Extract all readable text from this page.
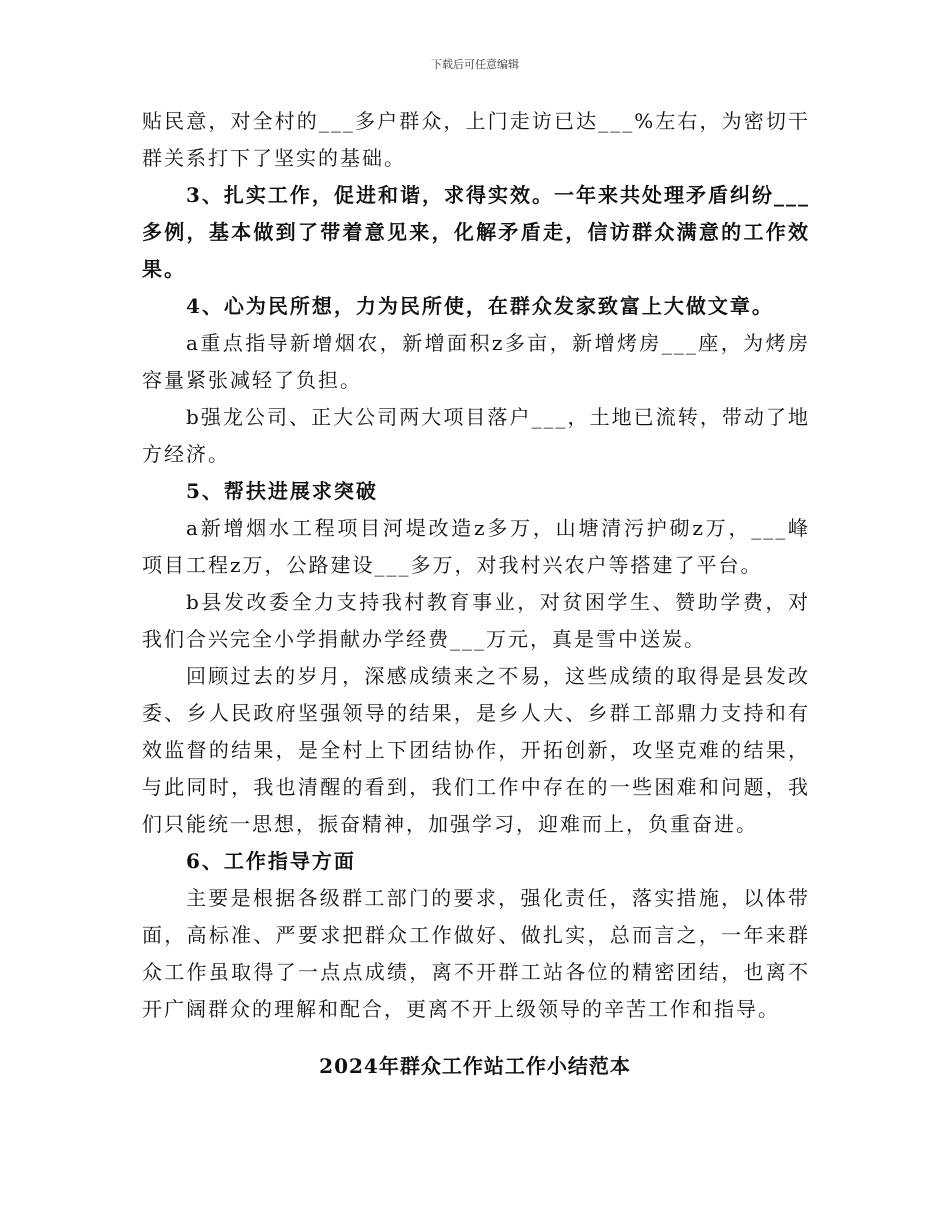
下载后可任意编辑

贴民意，对全村的___多户群众，上门走访已达___%左右，为密切干群关系打下了坚实的基础。

3、扎实工作，促进和谐，求得实效。一年来共处理矛盾纠纷___多例，基本做到了带着意见来，化解矛盾走，信访群众满意的工作效果。

4、心为民所想，力为民所使，在群众发家致富上大做文章。

a重点指导新增烟农，新增面积z多亩，新增烤房___座，为烤房容量紧张减轻了负担。

b强龙公司、正大公司两大项目落户___，土地已流转，带动了地方经济。

5、帮扶进展求突破

a新增烟水工程项目河堤改造z多万，山塘清污护砌z万，___峰项目工程z万，公路建设___多万，对我村兴农户等搭建了平台。

b县发改委全力支持我村教育事业，对贫困学生、赞助学费，对我们合兴完全小学捐献办学经费___万元，真是雪中送炭。

回顾过去的岁月，深感成绩来之不易，这些成绩的取得是县发改委、乡人民政府坚强领导的结果，是乡人大、乡群工部鼎力支持和有效监督的结果，是全村上下团结协作，开拓创新，攻坚克难的结果，与此同时，我也清醒的看到，我们工作中存在的一些困难和问题，我们只能统一思想，振奋精神，加强学习，迎难而上，负重奋进。

6、工作指导方面

主要是根据各级群工部门的要求，强化责任，落实措施，以体带面，高标准、严要求把群众工作做好、做扎实，总而言之，一年来群众工作虽取得了一点点成绩，离不开群工站各位的精密团结，也离不开广阔群众的理解和配合，更离不开上级领导的辛苦工作和指导。

2024年群众工作站工作小结范本
